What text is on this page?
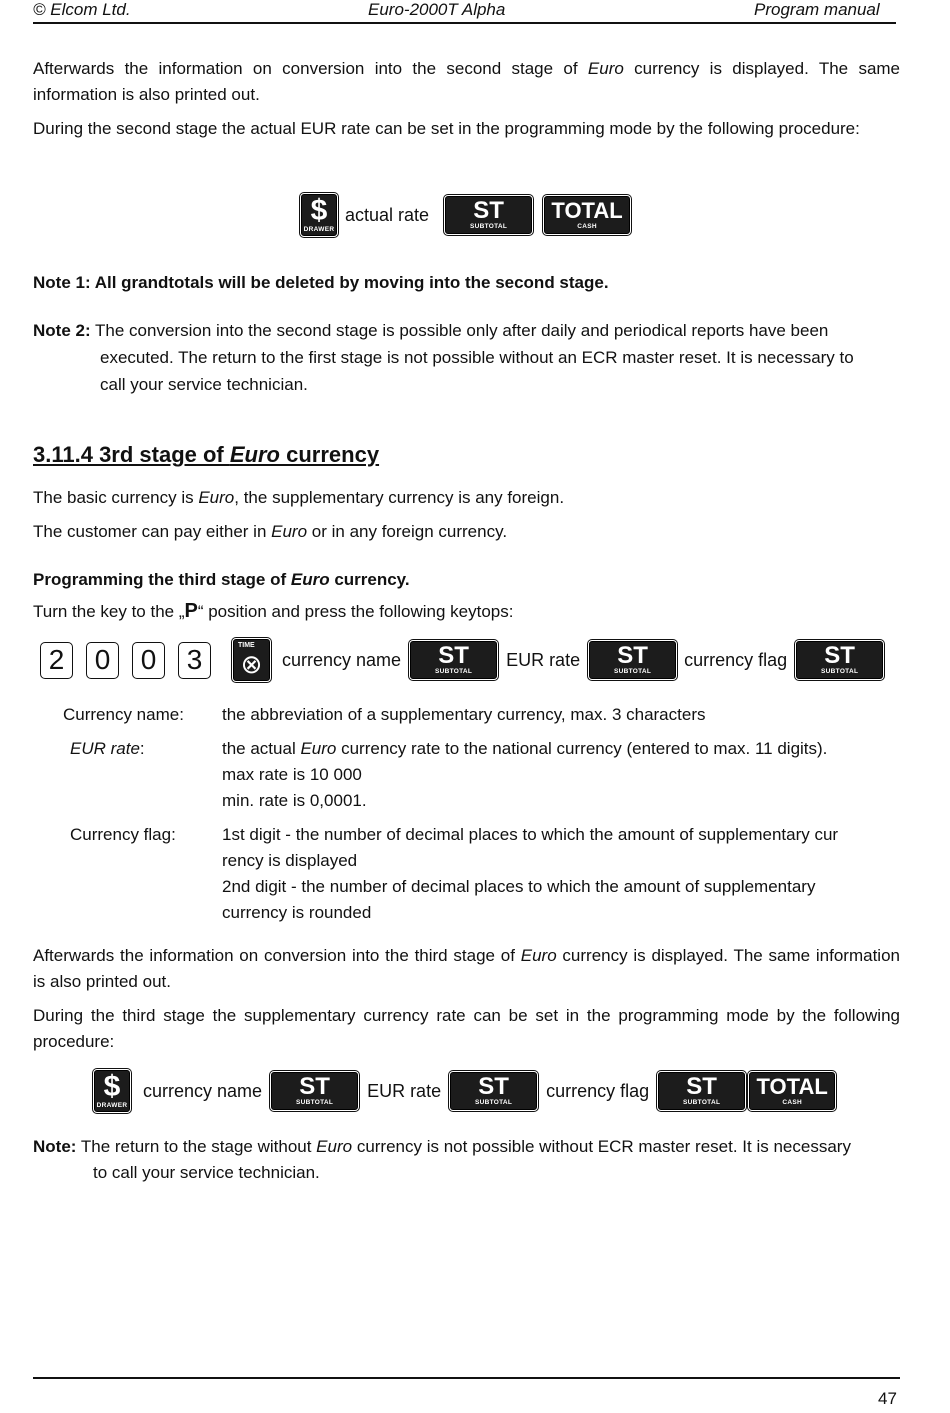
© Elcom Ltd.	Euro-2000T Alpha	Program manual
Afterwards the information on conversion into the second stage of Euro currency is displayed. The same information is also printed out.
During the second stage the actual EUR rate can be set in the programming mode by the following procedure:
$
DRAWER
actual rate ST
SUBTOTAL
TOTAL
CASH
Note 1: All grandtotals will be deleted by moving into the second stage.
Note 2: The conversion into the second stage is possible only after daily and periodical reports have been
executed. The return to the first stage is not possible without an ECR master reset. It is necessary to
call your service technician.
3.11.4 3rd stage of Euro currency
The basic currency is Euro, the supplementary currency is any foreign.
The customer can pay either in Euro or in any foreign currency.
Programming the third stage of Euro currency.
Turn the key to the „P“ position and press the following keytops:
2	0	0	3	TIME
⊗ currency name ST
SUBTOTAL
EUR rate ST
SUBTOTAL
currency flag ST
SUBTOTAL
Currency name: the abbreviation of a supplementary currency, max. 3 characters
EUR rate:	the actual Euro currency rate to the national currency (entered to max. 11 digits).
max rate is 10 000
min. rate is 0,0001.
Currency flag:	1st digit - the number of decimal places to which the amount of supplementary cur
rency is displayed
2nd digit - the number of decimal places to which the amount of supplementary
currency is rounded
Afterwards the information on conversion into the third stage of Euro currency is displayed. The same information is also printed out.
During the third stage the supplementary currency rate can be set in the programming mode by the following procedure:
$
DRAWER
currency name ST
SUBTOTAL
EUR rate ST
SUBTOTAL
currency flag ST
SUBTOTAL
TOTAL
CASH
Note: The return to the stage without Euro currency is not possible without ECR master reset. It is necessary
to call your service technician.
47
